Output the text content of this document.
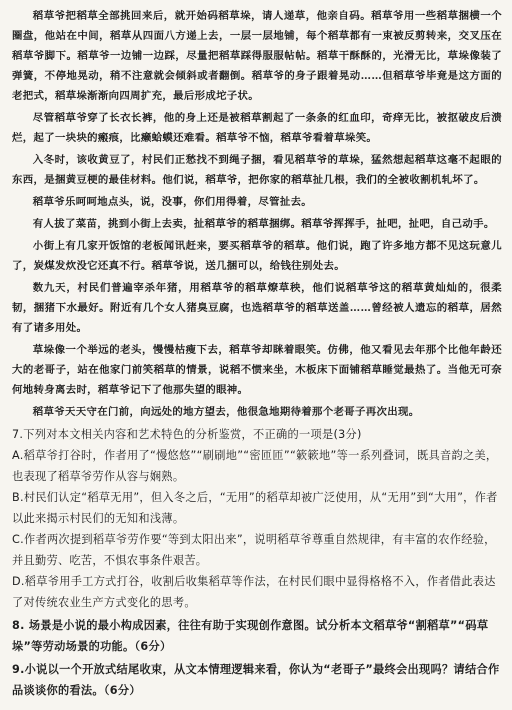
稻草爷把稻草全部挑回来后，就开始码稻草垛，请人递草，他亲自码。稻草爷用一些稻草捆横一个圈盘，他站在中间，稻草从四面八方递上去，一层一层地铺，每个稻草都有一束被反剪转来，交叉压在稻草爷脚下。稻草爷一边铺一边踩，尽量把稻草踩得服服帖帖。稻草干酥酥的，光滑无比，草垛像装了弹簧，不停地晃动，稍不注意就会倾斜或者翻倒。稻草爷的身子跟着晃动……但稻草爷毕竟是这方面的老把式，稻草垛渐渐向四周扩充，最后形成坨子状。

尽管稻草爷穿了长衣长裤，他的身上还是被稻草割起了一条条的红血印，奇痒无比，被抠破皮后溃烂，起了一块块的瘢痕，比癞蛤蟆还难看。稻草爷不恼，稻草爷看着草垛笑。

入冬时，该收黄豆了，村民们正愁找不到绳子捆，看见稻草爷的草垛，猛然想起稻草这毫不起眼的东西，是捆黄豆梗的最佳材料。他们说，稻草爷，把你家的稻草扯几根，我们的全被收割机轧坏了。

稻草爷乐呵呵地点头，说，没事，你们用得着，尽管扯去。

有人拔了菜苗，挑到小街上去卖，扯稻草爷的稻草捆绑。稻草爷挥挥手，扯吧，扯吧，自己动手。

小街上有几家开饭馆的老板闻讯赶来，要买稻草爷的稻草。他们说，跑了许多地方都不见这玩意儿了，炭煤发炊没它还真不行。稻草爷说，送几捆可以，给钱往别处去。

数九天，村民们普遍宰杀年猪，用稻草爷的稻草燎草秧，他们说稻草爷这的稻草黄灿灿的，很柔韧，捆猪下水最好。附近有几个女人猪臭豆腐，也选稻草爷的稻草送盖……曾经被人遗忘的稻草，居然有了诸多用处。

草垛像一个举远的老头，慢慢枯瘦下去，稻草爷却眯着眼笑。仿佛，他又看见去年那个比他年龄还大的老哥子，站在他家门前笑稻草的情景，说稻不惯来坐，木板床下面铺稻草睡觉最热了。当他无可奈何地转身离去时，稻草爷记下了他那失望的眼神。

稻草爷天天守在门前，向远处的地方望去，他很急地期待着那个老哥子再次出现。

7.下列对本文相关内容和艺术特色的分析鉴赏，不正确的一项是(3分)

A.稻草爷打谷时，作者用了“慢悠悠”“刷刷地”“密匝匝”“簌簌地”等一系列叠词，既具音韵之美，也表现了稻草爷劳作从容与娴熟。

B.村民们认定“稻草无用”，但入冬之后，“无用”的稻草却被广泛使用，从“无用”到“大用”，作者以此来揭示村民们的无知和浅薄。

C.作者两次提到稻草爷劳作要“等到太阳出来”，说明稻草爷尊重自然规律，有丰富的农作经验，并且勤劳、吃苦，不惧农事条件艰苦。

D.稻草爷用手工方式打谷，收割后收集稻草等作法，在村民们眼中显得格格不入，作者借此表达了对传统农业生产方式变化的思考。

8. 场景是小说的最小构成因素，往往有助于实现创作意图。试分析本文稻草爷“割稻草”“码草垛”等劳动场景的功能。（6分）

9.小说以一个开放式结尾收束，从文本情理逻辑来看，你认为“老哥子”最终会出现吗？请结合作品谈谈你的看法。（6分）
